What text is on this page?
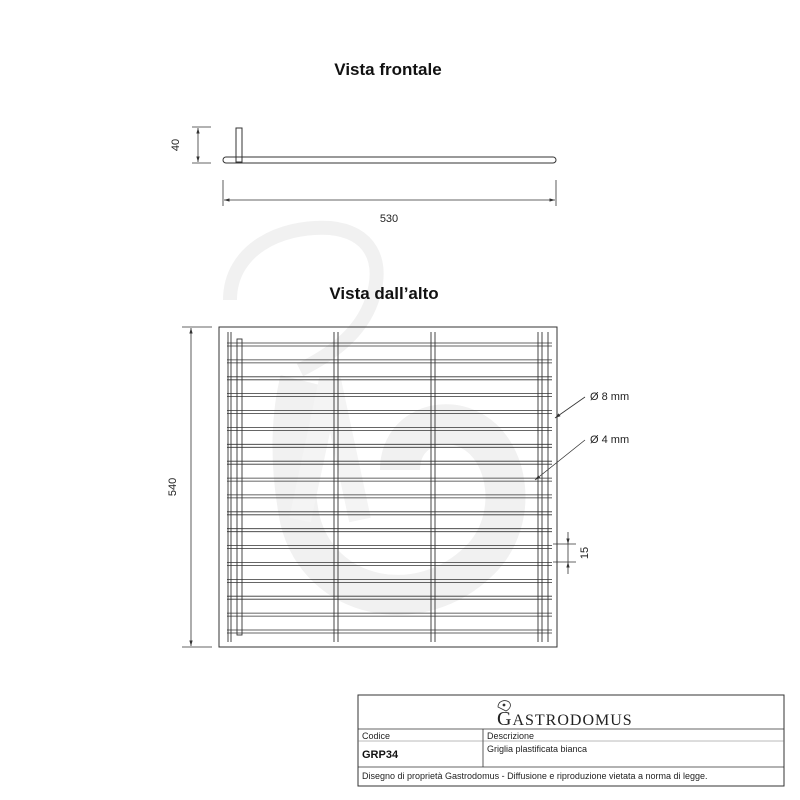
Vista frontale
40
530
Vista dall’alto
540
Ø 8 mm
Ø 4 mm
15
GASTRODOMUS
Codice
GRP34
Descrizione
Griglia plastificata bianca
Disegno di proprietà Gastrodomus - Diffusione e riproduzione vietata a norma di legge.
